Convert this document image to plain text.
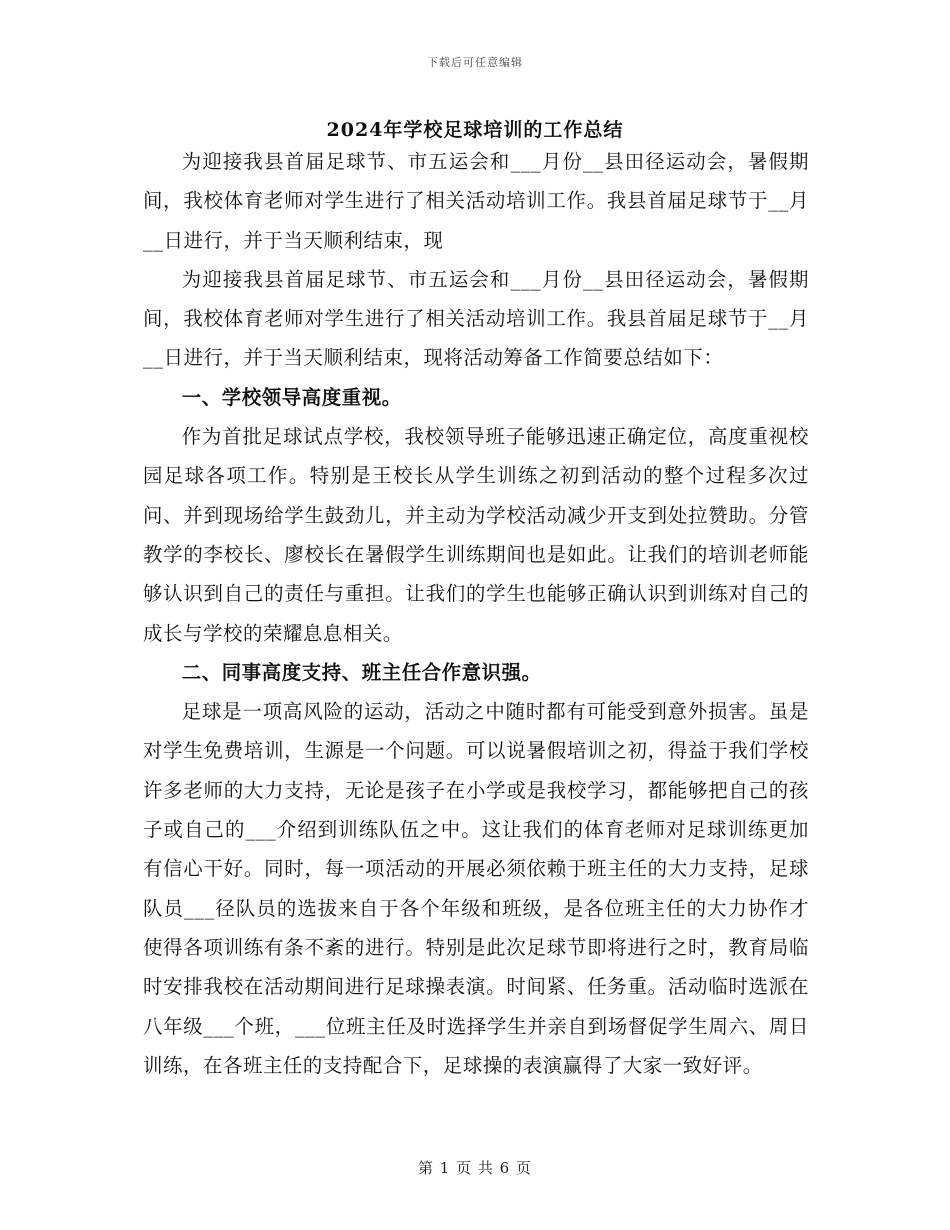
下载后可任意编辑
2024年学校足球培训的工作总结

为迎接我县首届足球节、市五运会和___月份__县田径运动会，暑假期间，我校体育老师对学生进行了相关活动培训工作。我县首届足球节于__月__日进行，并于当天顺利结束，现

为迎接我县首届足球节、市五运会和___月份__县田径运动会，暑假期间，我校体育老师对学生进行了相关活动培训工作。我县首届足球节于__月__日进行，并于当天顺利结束，现将活动筹备工作简要总结如下：

一、学校领导高度重视。

作为首批足球试点学校，我校领导班子能够迅速正确定位，高度重视校园足球各项工作。特别是王校长从学生训练之初到活动的整个过程多次过问、并到现场给学生鼓劲儿，并主动为学校活动减少开支到处拉赞助。分管教学的李校长、廖校长在暑假学生训练期间也是如此。让我们的培训老师能够认识到自己的责任与重担。让我们的学生也能够正确认识到训练对自己的成长与学校的荣耀息息相关。

二、同事高度支持、班主任合作意识强。

足球是一项高风险的运动，活动之中随时都有可能受到意外损害。虽是对学生免费培训，生源是一个问题。可以说暑假培训之初，得益于我们学校许多老师的大力支持，无论是孩子在小学或是我校学习，都能够把自己的孩子或自己的___介绍到训练队伍之中。这让我们的体育老师对足球训练更加有信心干好。同时，每一项活动的开展必须依赖于班主任的大力支持，足球队员___径队员的选拔来自于各个年级和班级，是各位班主任的大力协作才使得各项训练有条不紊的进行。特别是此次足球节即将进行之时，教育局临时安排我校在活动期间进行足球操表演。时间紧、任务重。活动临时选派在八年级___个班，___位班主任及时选择学生并亲自到场督促学生周六、周日训练，在各班主任的支持配合下，足球操的表演赢得了大家一致好评。

第 1 页 共 6 页
